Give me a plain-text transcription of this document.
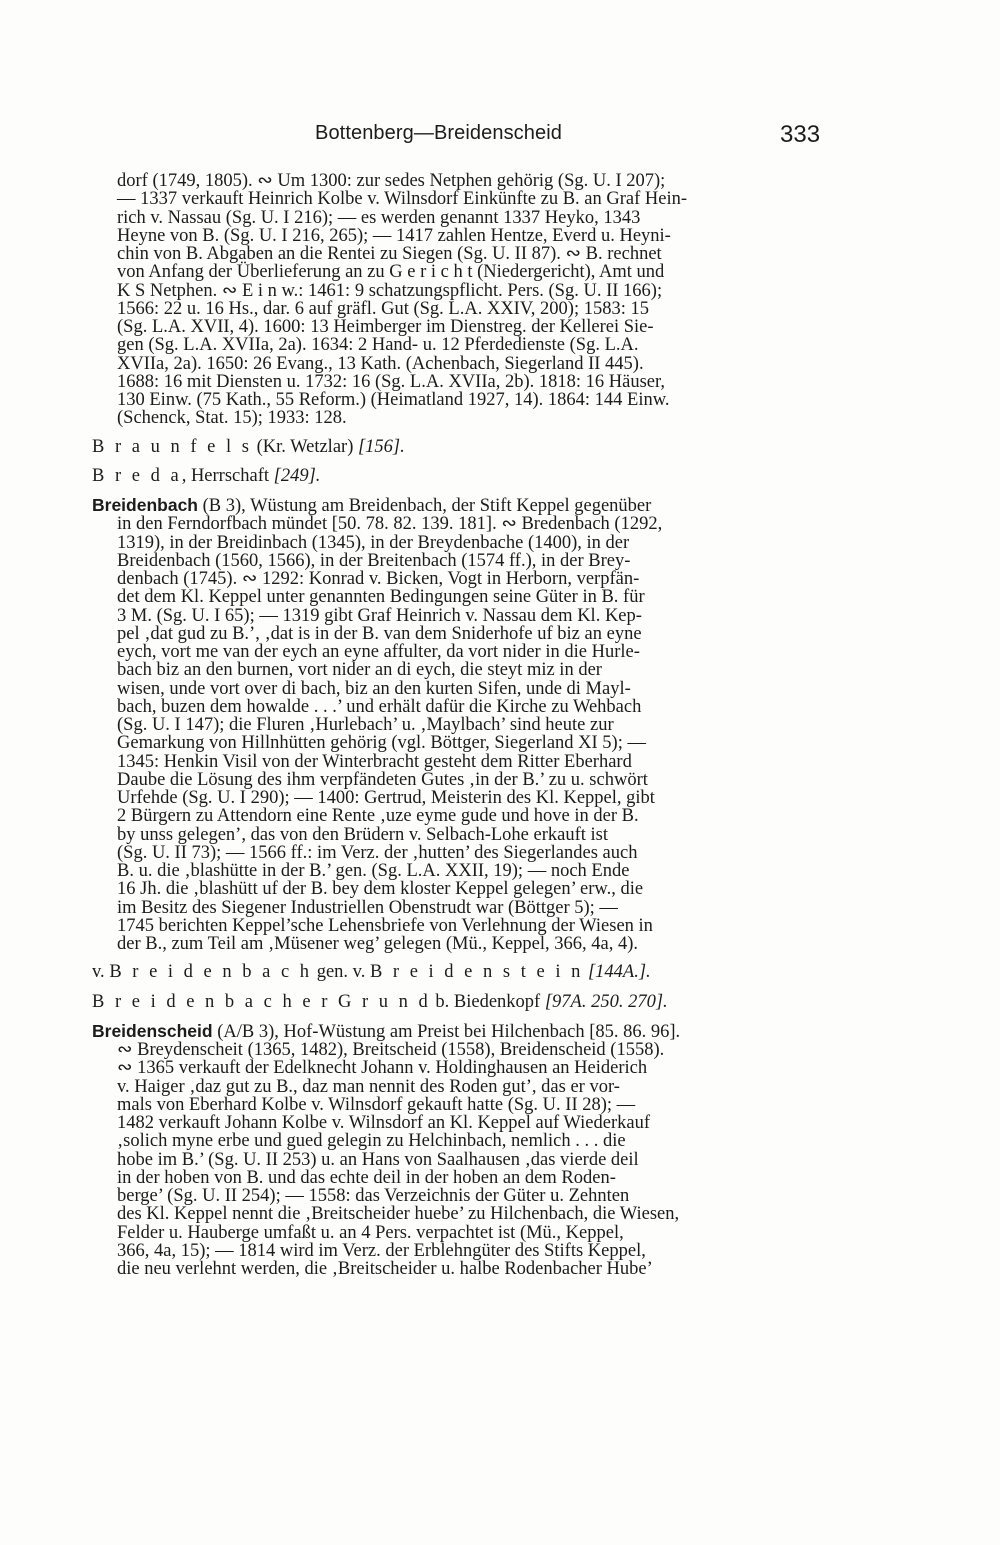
Bottenberg—Breidenscheid	333
dorf (1749, 1805). ∾ Um 1300: zur sedes Netphen gehörig (Sg. U. I 207);
— 1337 verkauft Heinrich Kolbe v. Wilnsdorf Einkünfte zu B. an Graf Hein-
rich v. Nassau (Sg. U. I 216); — es werden genannt 1337 Heyko, 1343
Heyne von B. (Sg. U. I 216, 265); — 1417 zahlen Hentze, Everd u. Heyni-
chin von B. Abgaben an die Rentei zu Siegen (Sg. U. II 87). ∾ B. rechnet
von Anfang der Überlieferung an zu G e r i c h t (Niedergericht), Amt und
K S Netphen. ∾ E i n w.: 1461: 9 schatzungspflicht. Pers. (Sg. U. II 166);
1566: 22 u. 16 Hs., dar. 6 auf gräfl. Gut (Sg. L.A. XXIV, 200); 1583: 15
(Sg. L.A. XVII, 4). 1600: 13 Heimberger im Dienstreg. der Kellerei Sie-
gen (Sg. L.A. XVIIa, 2a). 1634: 2 Hand- u. 12 Pferdedienste (Sg. L.A.
XVIIa, 2a). 1650: 26 Evang., 13 Kath. (Achenbach, Siegerland II 445).
1688: 16 mit Diensten u. 1732: 16 (Sg. L.A. XVIIa, 2b). 1818: 16 Häuser,
130 Einw. (75 Kath., 55 Reform.) (Heimatland 1927, 14). 1864: 144 Einw.
(Schenck, Stat. 15); 1933: 128.
B r a u n f e l s (Kr. Wetzlar) [156].
B r e d a, Herrschaft [249].
Breidenbach (B 3), Wüstung am Breidenbach, der Stift Keppel gegenüber
in den Ferndorfbach mündet [50. 78. 82. 139. 181]. ∾ Bredenbach (1292,
1319), in der Breidinbach (1345), in der Breydenbache (1400), in der
Breidenbach (1560, 1566), in der Breitenbach (1574 ff.), in der Brey-
denbach (1745). ∾ 1292: Konrad v. Bicken, Vogt in Herborn, verpfän-
det dem Kl. Keppel unter genannten Bedingungen seine Güter in B. für
3 M. (Sg. U. I 65); — 1319 gibt Graf Heinrich v. Nassau dem Kl. Kep-
pel ‚dat gud zu B.’, ‚dat is in der B. van dem Sniderhofe uf biz an eyne
eych, vort me van der eych an eyne affulter, da vort nider in die Hurle-
bach biz an den burnen, vort nider an di eych, die steyt miz in der
wisen, unde vort over di bach, biz an den kurten Sifen, unde di Mayl-
bach, buzen dem howalde . . .’ und erhält dafür die Kirche zu Wehbach
(Sg. U. I 147); die Fluren ‚Hurlebach’ u. ‚Maylbach’ sind heute zur
Gemarkung von Hillnhütten gehörig (vgl. Böttger, Siegerland XI 5); —
1345: Henkin Visil von der Winterbracht gesteht dem Ritter Eberhard
Daube die Lösung des ihm verpfändeten Gutes ‚in der B.’ zu u. schwört
Urfehde (Sg. U. I 290); — 1400: Gertrud, Meisterin des Kl. Keppel, gibt
2 Bürgern zu Attendorn eine Rente ‚uze eyme gude und hove in der B.
by unss gelegen’, das von den Brüdern v. Selbach-Lohe erkauft ist
(Sg. U. II 73); — 1566 ff.: im Verz. der ‚hutten’ des Siegerlandes auch
B. u. die ‚blashütte in der B.’ gen. (Sg. L.A. XXII, 19); — noch Ende
16 Jh. die ‚blashütt uf der B. bey dem kloster Keppel gelegen’ erw., die
im Besitz des Siegener Industriellen Obenstrudt war (Böttger 5); —
1745 berichten Keppel’sche Lehensbriefe von Verlehnung der Wiesen in
der B., zum Teil am ‚Müsener weg’ gelegen (Mü., Keppel, 366, 4a, 4).
v. B r e i d e n b a c h gen. v. B r e i d e n s t e i n [144A.].
B r e i d e n b a c h e r G r u n d b. Biedenkopf [97A. 250. 270].
Breidenscheid (A/B 3), Hof-Wüstung am Preist bei Hilchenbach [85. 86. 96].
∾ Breydenscheit (1365, 1482), Breitscheid (1558), Breidenscheid (1558).
∾ 1365 verkauft der Edelknecht Johann v. Holdinghausen an Heiderich
v. Haiger ‚daz gut zu B., daz man nennit des Roden gut’, das er vor-
mals von Eberhard Kolbe v. Wilnsdorf gekauft hatte (Sg. U. II 28); —
1482 verkauft Johann Kolbe v. Wilnsdorf an Kl. Keppel auf Wiederkauf
‚solich myne erbe und gued gelegin zu Helchinbach, nemlich . . . die
hobe im B.’ (Sg. U. II 253) u. an Hans von Saalhausen ‚das vierde deil
in der hoben von B. und das echte deil in der hoben an dem Roden-
berge’ (Sg. U. II 254); — 1558: das Verzeichnis der Güter u. Zehnten
des Kl. Keppel nennt die ‚Breitscheider huebe’ zu Hilchenbach, die Wiesen,
Felder u. Hauberge umfaßt u. an 4 Pers. verpachtet ist (Mü., Keppel,
366, 4a, 15); — 1814 wird im Verz. der Erblehngüter des Stifts Keppel,
die neu verlehnt werden, die ‚Breitscheider u. halbe Rodenbacher Hube’
